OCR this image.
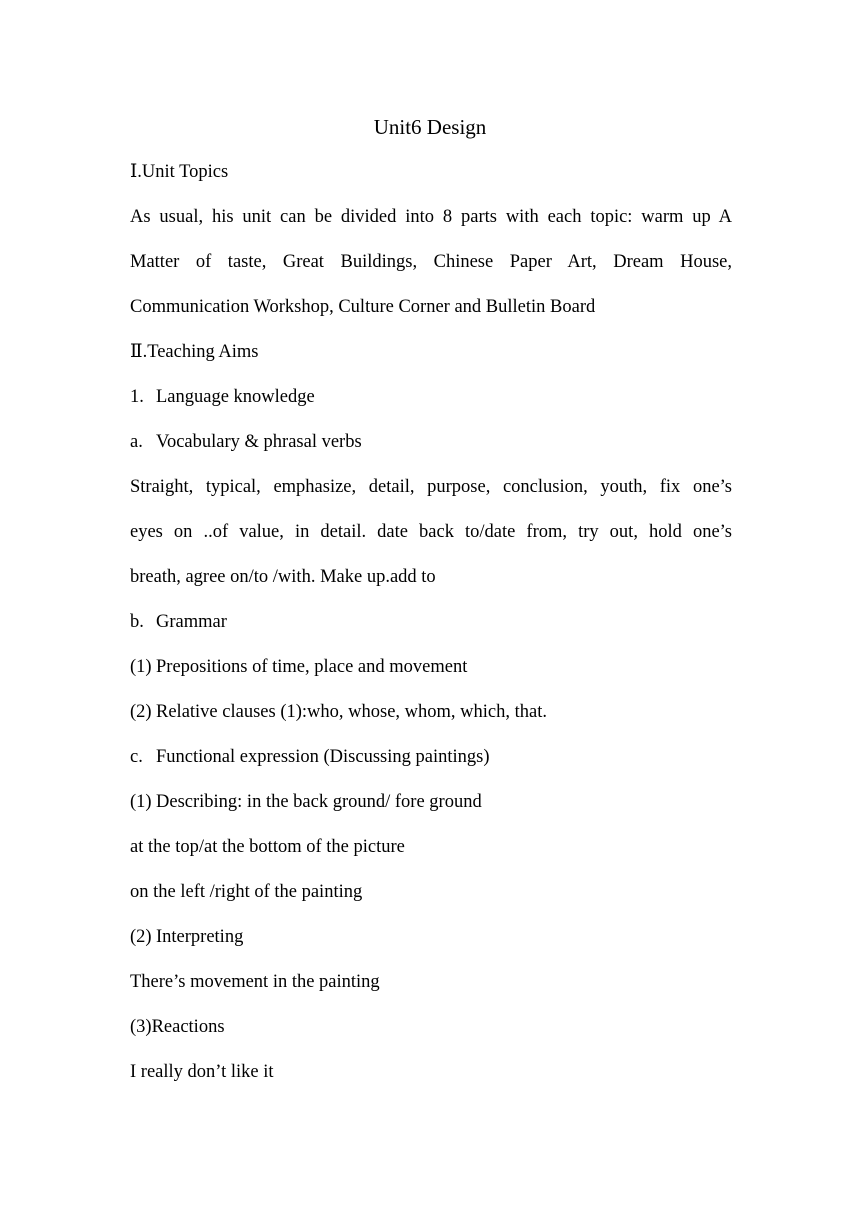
Unit6 Design
Ⅰ.Unit Topics
As usual, his unit can be divided into 8 parts with each topic: warm up A
Matter of taste, Great Buildings, Chinese Paper Art, Dream House,
Communication Workshop, Culture Corner and Bulletin Board
Ⅱ.Teaching Aims
1. Language knowledge
a. Vocabulary & phrasal verbs
Straight, typical, emphasize, detail, purpose, conclusion, youth, fix one’s
eyes on ..of value, in detail. date back to/date from, try out, hold one’s
breath, agree on/to /with. Make up.add to
b. Grammar
(1) Prepositions of time, place and movement
(2) Relative clauses (1):who, whose, whom, which, that.
c. Functional expression (Discussing paintings)
(1) Describing: in the back ground/ fore ground
at the top/at the bottom of the picture
on the left /right of the painting
(2) Interpreting
There’s movement in the painting
(3)Reactions
I really don’t like it
